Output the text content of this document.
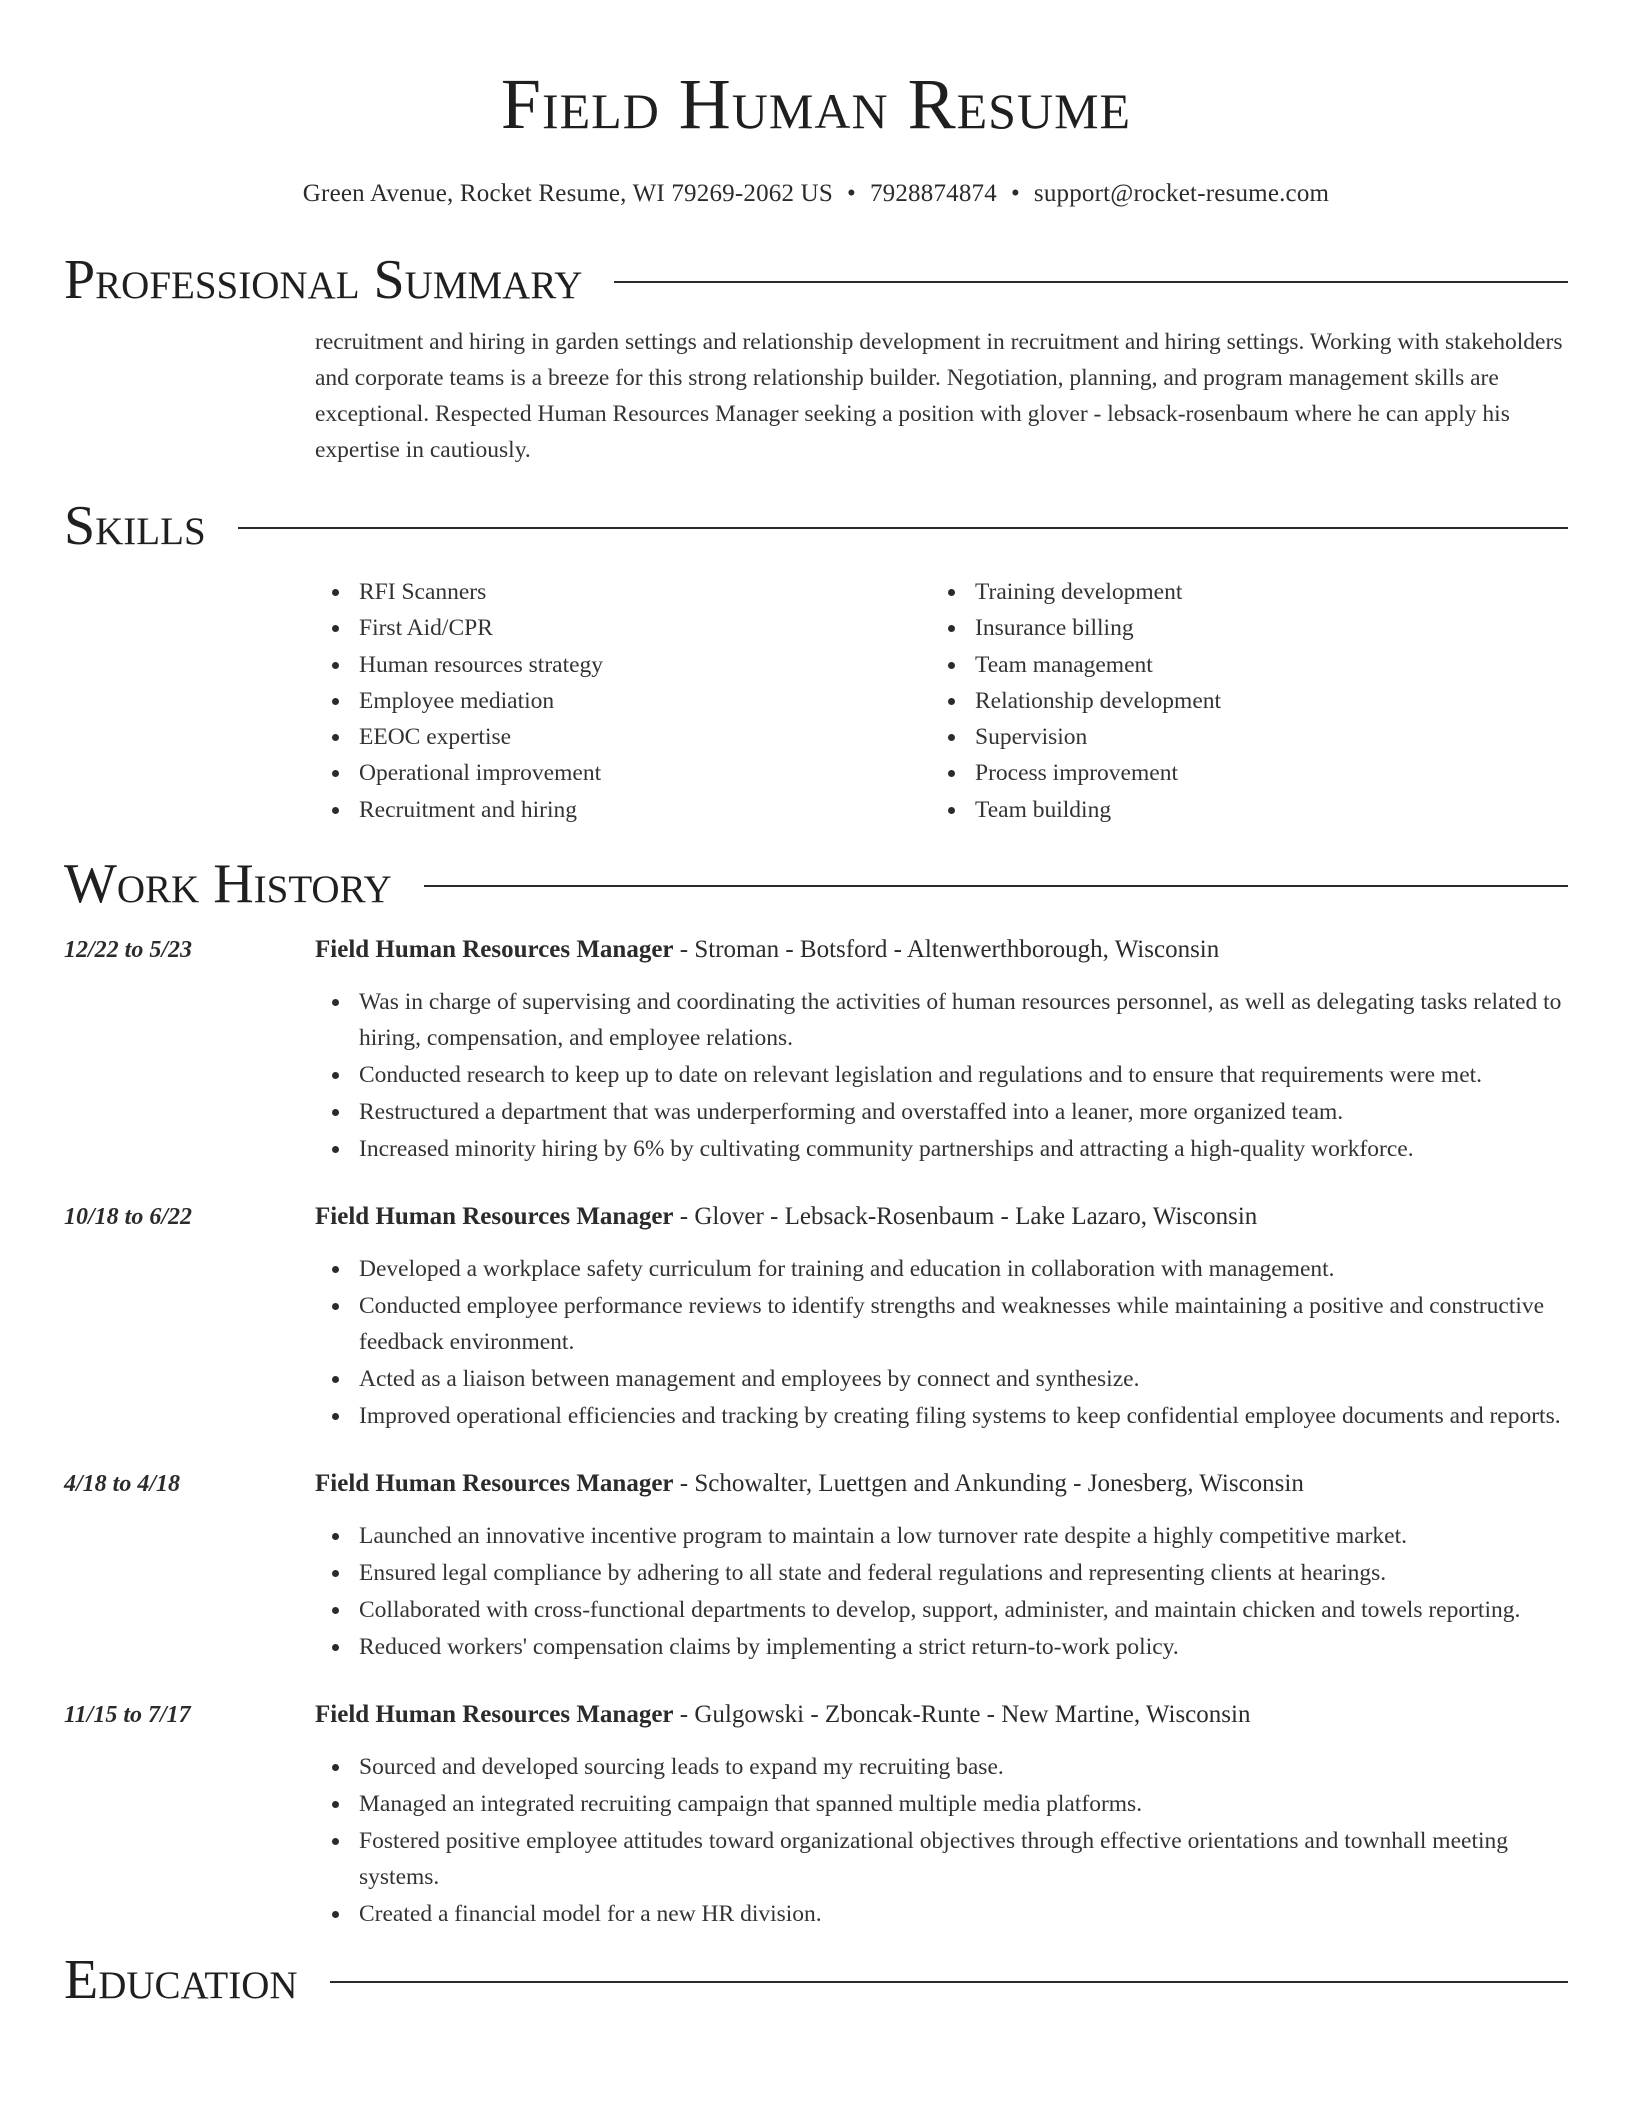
Field Human Resume
Green Avenue, Rocket Resume, WI 79269-2062 US • 7928874874 • support@rocket-resume.com
Professional Summary

recruitment and hiring in garden settings and relationship development in recruitment and hiring settings. Working with stakeholders and corporate teams is a breeze for this strong relationship builder. Negotiation, planning, and program management skills are exceptional. Respected Human Resources Manager seeking a position with glover - lebsack-rosenbaum where he can apply his expertise in cautiously.

Skills
RFI Scanners
First Aid/CPR
Human resources strategy
Employee mediation
EEOC expertise
Operational improvement
Recruitment and hiring
Training development
Insurance billing
Team management
Relationship development
Supervision
Process improvement
Team building
Work History
12/22 to 5/23	Field Human Resources Manager - Stroman - Botsford - Altenwerthborough, Wisconsin
Was in charge of supervising and coordinating the activities of human resources personnel, as well as delegating tasks related to hiring, compensation, and employee relations.
Conducted research to keep up to date on relevant legislation and regulations and to ensure that requirements were met.
Restructured a department that was underperforming and overstaffed into a leaner, more organized team.
Increased minority hiring by 6% by cultivating community partnerships and attracting a high-quality workforce.
10/18 to 6/22	Field Human Resources Manager - Glover - Lebsack-Rosenbaum - Lake Lazaro, Wisconsin
Developed a workplace safety curriculum for training and education in collaboration with management.
Conducted employee performance reviews to identify strengths and weaknesses while maintaining a positive and constructive feedback environment.
Acted as a liaison between management and employees by connect and synthesize.
Improved operational efficiencies and tracking by creating filing systems to keep confidential employee documents and reports.
4/18 to 4/18	Field Human Resources Manager - Schowalter, Luettgen and Ankunding - Jonesberg, Wisconsin
Launched an innovative incentive program to maintain a low turnover rate despite a highly competitive market.
Ensured legal compliance by adhering to all state and federal regulations and representing clients at hearings.
Collaborated with cross-functional departments to develop, support, administer, and maintain chicken and towels reporting.
Reduced workers' compensation claims by implementing a strict return-to-work policy.
11/15 to 7/17	Field Human Resources Manager - Gulgowski - Zboncak-Runte - New Martine, Wisconsin
Sourced and developed sourcing leads to expand my recruiting base.
Managed an integrated recruiting campaign that spanned multiple media platforms.
Fostered positive employee attitudes toward organizational objectives through effective orientations and townhall meeting systems.
Created a financial model for a new HR division.
Education
